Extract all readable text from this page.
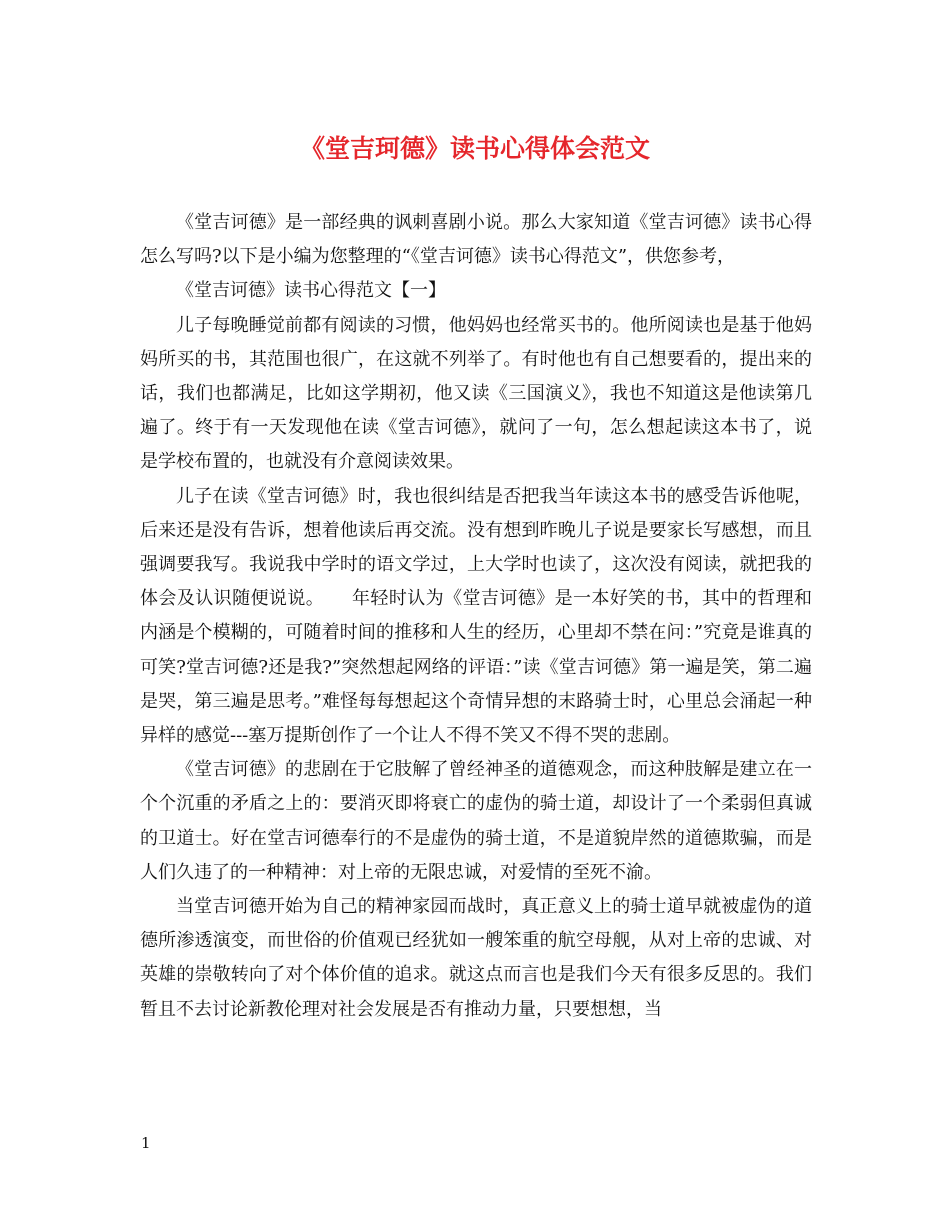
《堂吉珂德》读书心得体会范文

《堂吉诃德》是一部经典的讽刺喜剧小说。那么大家知道《堂吉诃德》读书心得怎么写吗?以下是小编为您整理的“《堂吉诃德》读书心得范文”，供您参考，

《堂吉诃德》读书心得范文【一】

儿子每晚睡觉前都有阅读的习惯，他妈妈也经常买书的。他所阅读也是基于他妈妈所买的书，其范围也很广，在这就不列举了。有时他也有自己想要看的，提出来的话，我们也都满足，比如这学期初，他又读《三国演义》，我也不知道这是他读第几遍了。终于有一天发现他在读《堂吉诃德》，就问了一句，怎么想起读这本书了，说是学校布置的，也就没有介意阅读效果。

儿子在读《堂吉诃德》时，我也很纠结是否把我当年读这本书的感受告诉他呢，后来还是没有告诉，想着他读后再交流。没有想到昨晚儿子说是要家长写感想，而且强调要我写。我说我中学时的语文学过，上大学时也读了，这次没有阅读，就把我的体会及认识随便说说。　　年轻时认为《堂吉诃德》是一本好笑的书，其中的哲理和内涵是个模糊的，可随着时间的推移和人生的经历，心里却不禁在问：”究竟是谁真的可笑?堂吉诃德?还是我?”突然想起网络的评语：”读《堂吉诃德》第一遍是笑，第二遍是哭，第三遍是思考。”难怪每每想起这个奇情异想的末路骑士时，心里总会涌起一种异样的感觉---塞万提斯创作了一个让人不得不笑又不得不哭的悲剧。

《堂吉诃德》的悲剧在于它肢解了曾经神圣的道德观念，而这种肢解是建立在一个个沉重的矛盾之上的：要消灭即将衰亡的虚伪的骑士道，却设计了一个柔弱但真诚的卫道士。好在堂吉诃德奉行的不是虚伪的骑士道，不是道貌岸然的道德欺骗，而是人们久违了的一种精神：对上帝的无限忠诚，对爱情的至死不渝。

当堂吉诃德开始为自己的精神家园而战时，真正意义上的骑士道早就被虚伪的道德所渗透演变，而世俗的价值观已经犹如一艘笨重的航空母舰，从对上帝的忠诚、对英雄的崇敬转向了对个体价值的追求。就这点而言也是我们今天有很多反思的。我们暂且不去讨论新教伦理对社会发展是否有推动力量，只要想想，当

1
